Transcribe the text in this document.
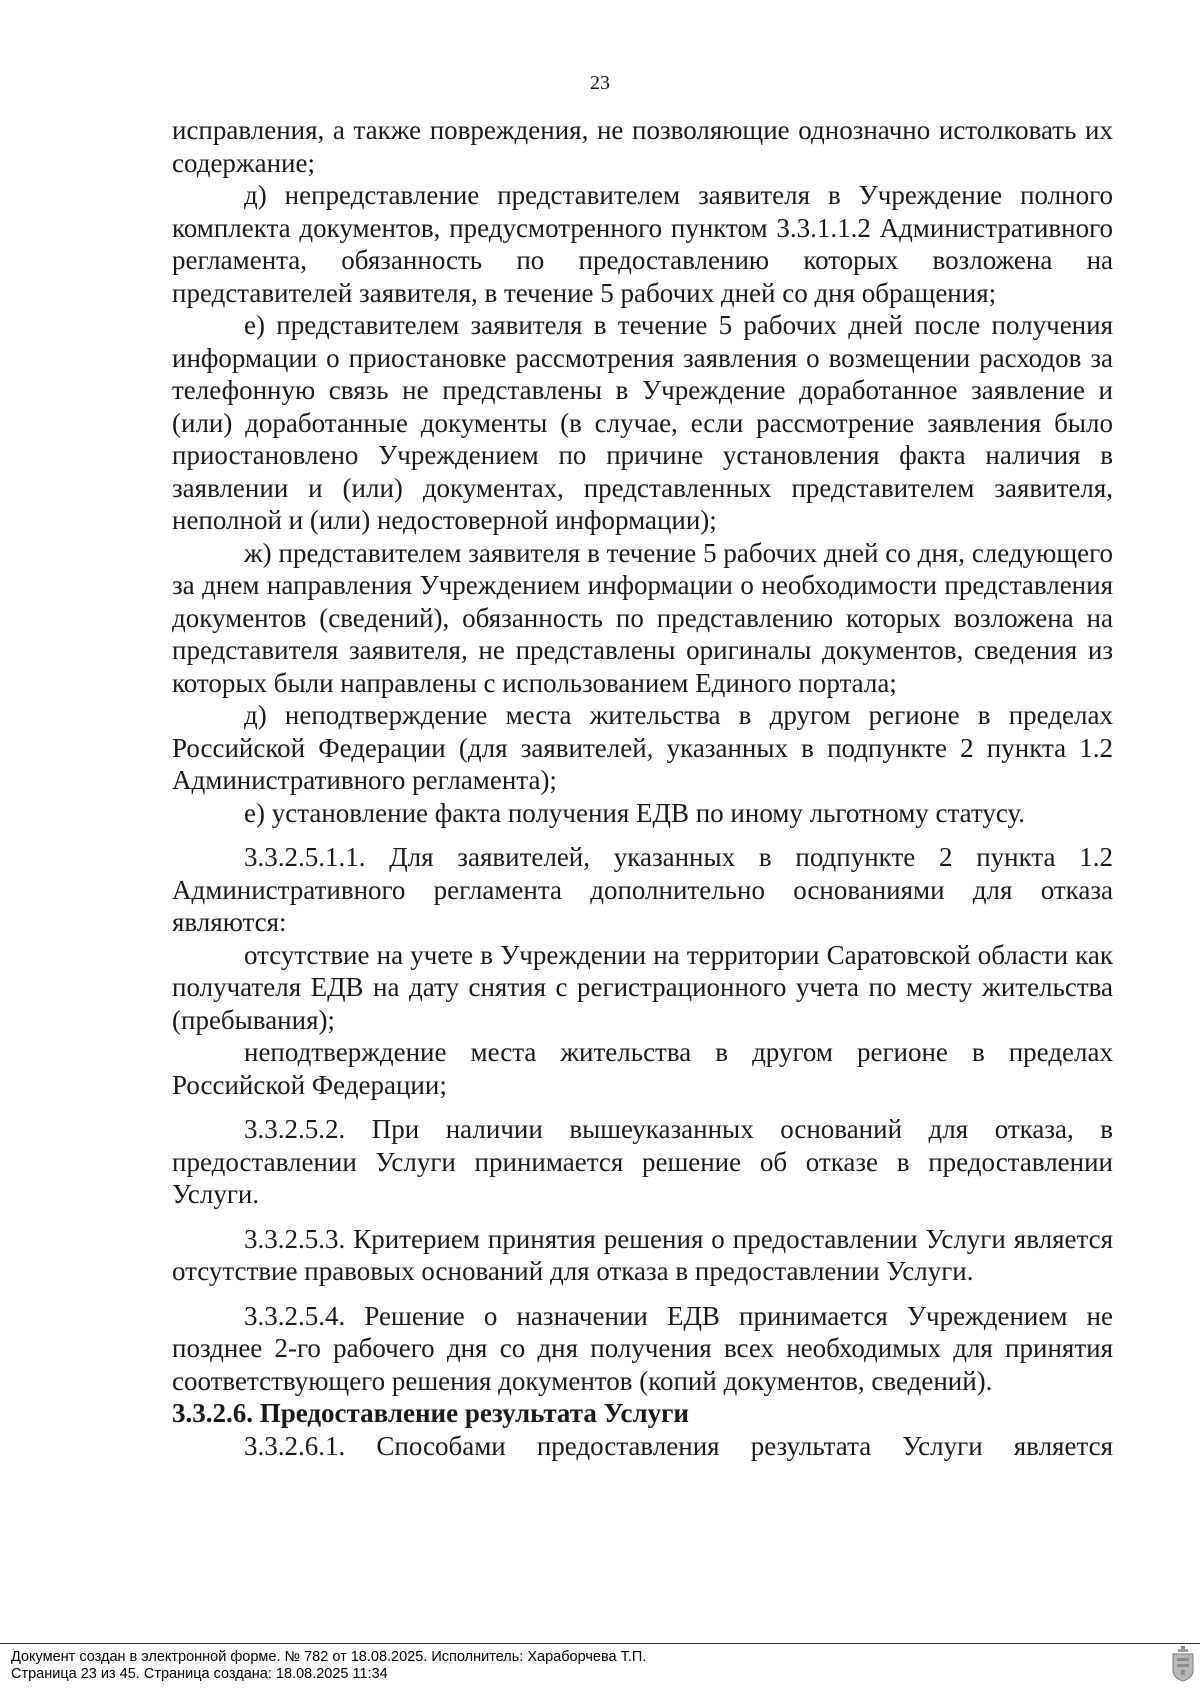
23

исправления, а также повреждения, не позволяющие однозначно истолковать их содержание;

д) непредставление представителем заявителя в Учреждение полного комплекта документов, предусмотренного пунктом 3.3.1.1.2 Административного регламента, обязанность по предоставлению которых возложена на представителей заявителя, в течение 5 рабочих дней со дня обращения;

е) представителем заявителя в течение 5 рабочих дней после получения информации о приостановке рассмотрения заявления о возмещении расходов за телефонную связь не представлены в Учреждение доработанное заявление и (или) доработанные документы (в случае, если рассмотрение заявления было приостановлено Учреждением по причине установления факта наличия в заявлении и (или) документах, представленных представителем заявителя, неполной и (или) недостоверной информации);

ж) представителем заявителя в течение 5 рабочих дней со дня, следующего за днем направления Учреждением информации о необходимости представления документов (сведений), обязанность по представлению которых возложена на представителя заявителя, не представлены оригиналы документов, сведения из которых были направлены с использованием Единого портала;

д) неподтверждение места жительства в другом регионе в пределах Российской Федерации (для заявителей, указанных в подпункте 2 пункта 1.2 Административного регламента);

е) установление факта получения ЕДВ по иному льготному статусу.

3.3.2.5.1.1. Для заявителей, указанных в подпункте 2 пункта 1.2 Административного регламента дополнительно основаниями для отказа являются:

отсутствие на учете в Учреждении на территории Саратовской области как получателя ЕДВ на дату снятия с регистрационного учета по месту жительства (пребывания);

неподтверждение места жительства в другом регионе в пределах Российской Федерации;

3.3.2.5.2. При наличии вышеуказанных оснований для отказа, в предоставлении Услуги принимается решение об отказе в предоставлении Услуги.

3.3.2.5.3. Критерием принятия решения о предоставлении Услуги является отсутствие правовых оснований для отказа в предоставлении Услуги.

3.3.2.5.4. Решение о назначении ЕДВ принимается Учреждением не позднее 2-го рабочего дня со дня получения всех необходимых для принятия соответствующего решения документов (копий документов, сведений).

3.3.2.6. Предоставление результата Услуги

3.3.2.6.1. Способами предоставления результата Услуги является

Документ создан в электронной форме. № 782 от 18.08.2025. Исполнитель: Хараборчева Т.П.
Страница 23 из 45. Страница создана: 18.08.2025 11:34
